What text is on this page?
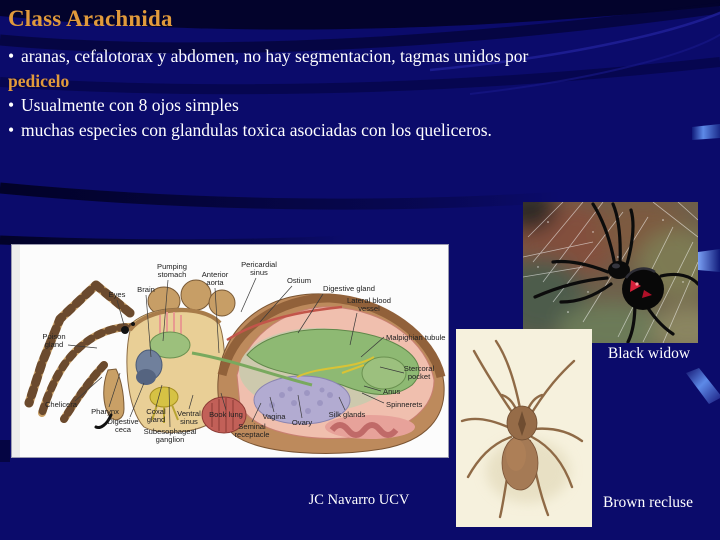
Class Arachnida
• aranas, cefalotorax y abdomen, no hay segmentacion, tagmas unidos por
pedicelo
• Usualmente con 8 ojos simples
• muchas especies con glandulas toxica asociadas con los queliceros.
Eyes
Brain
Pumping stomach Anterior aorta
Pericardial sinus
Ostium
Digestive gland
Lateral blood vessel
Malpighian tubule
Stercoral pocket
Anus
Spinnerets
Silk glands
Ovary
Vagina
Seminal receptacle
Book lung
Ventral sinus
Coxal gland
Subesophageal ganglion
Digestive ceca
Pharynx
Chelicera
Poison gland
Black widow
Brown recluse
JC Navarro UCV
